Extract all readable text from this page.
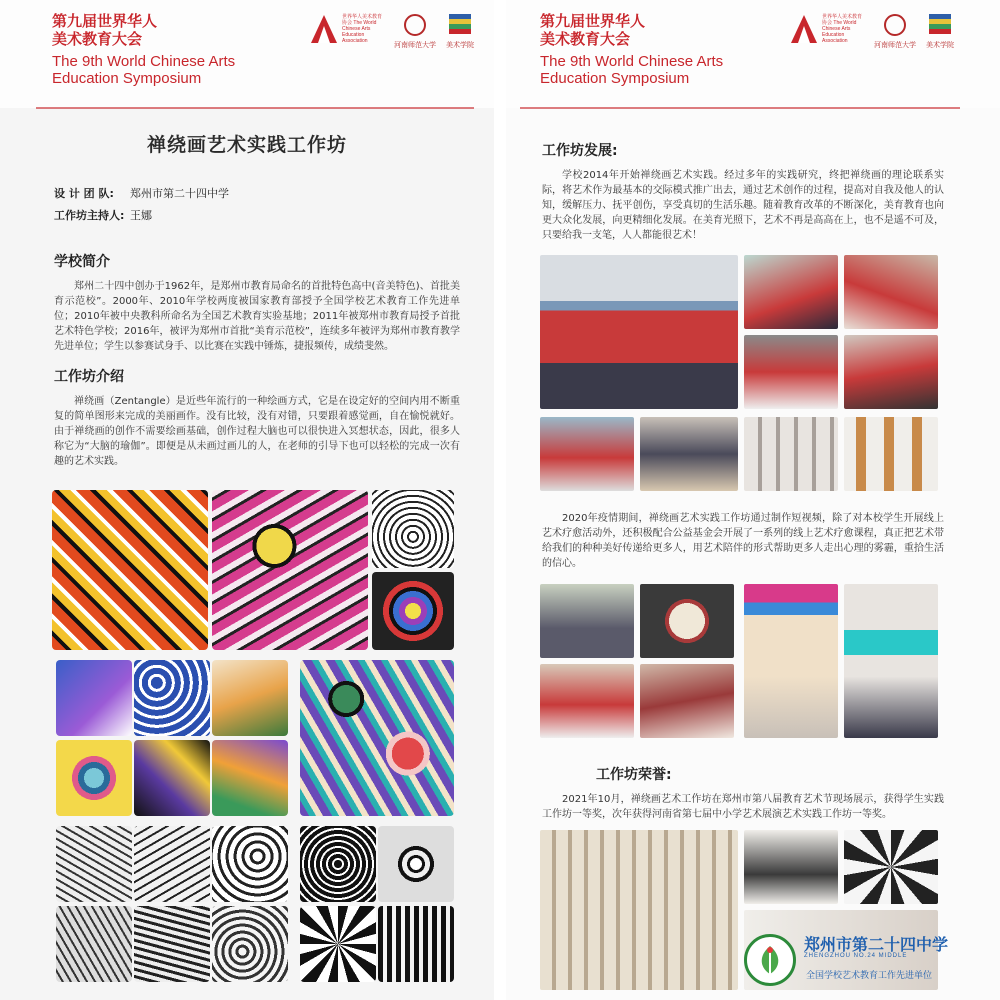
第九届世界华人
美术教育大会
The 9th World Chinese Arts
Education Symposium
世界华人美术教育协会 The World Chinese Arts Education Association	河南师范大学 美术学院
禅绕画艺术实践工作坊
设 计 团 队: 郑州市第二十四中学
工作坊主持人: 王娜
学校简介
郑州二十四中创办于1962年，是郑州市教育局命名的首批特色高中(音美特色)、首批美育示范校”。2000年、2010年学校两度被国家教育部授予全国学校艺术教育工作先进单位；2010年被中央教科所命名为全国艺术教育实验基地；2011年被郑州市教育局授予首批艺术特色学校；2016年，被评为郑州市首批“美育示范校”，连续多年被评为郑州市教育教学先进单位；学生以参赛试身手、以比赛在实践中锤炼，捷报频传，成绩斐然。
工作坊介绍
禅绕画（Zentangle）是近些年流行的一种绘画方式，它是在设定好的空间内用不断重复的简单图形来完成的美丽画作。没有比较，没有对错，只要跟着感觉画，自在愉悦就好。由于禅绕画的创作不需要绘画基础，创作过程大脑也可以很快进入冥想状态，因此，很多人称它为“大脑的瑜伽”。即便是从未画过画儿的人，在老师的引导下也可以轻松的完成一次有趣的艺术实践。
第九届世界华人
美术教育大会
The 9th World Chinese Arts
Education Symposium
世界华人美术教育协会 The World Chinese Arts Education Association	河南师范大学 美术学院
工作坊发展:
学校2014年开始禅绕画艺术实践。经过多年的实践研究，终把禅绕画的理论联系实际，将艺术作为最基本的交际模式推广出去，通过艺术创作的过程，提高对自我及他人的认知，缓解压力、抚平创伤，享受真切的生活乐趣。随着教育改革的不断深化，美育教育也向更大众化发展，向更精细化发展。在美育光照下，艺术不再是高高在上，也不是遥不可及，只要给我一支笔，人人都能很艺术！
2020年疫情期间，禅绕画艺术实践工作坊通过制作短视频，除了对本校学生开展线上艺术疗愈活动外，还积极配合公益基金会开展了一系列的线上艺术疗愈课程，真正把艺术带给我们的种种美好传递给更多人，用艺术陪伴的形式帮助更多人走出心理的雾霾，重拾生活的信心。
工作坊荣誉:
2021年10月，禅绕画艺术工作坊在郑州市第八届教育艺术节现场展示，获得学生实践工作坊一等奖，次年获得河南省第七届中小学艺术展演艺术实践工作坊一等奖。
郑州市第二十四中学
ZHENGZHOU NO.24 MIDDLE
全国学校艺术教育工作先进单位
